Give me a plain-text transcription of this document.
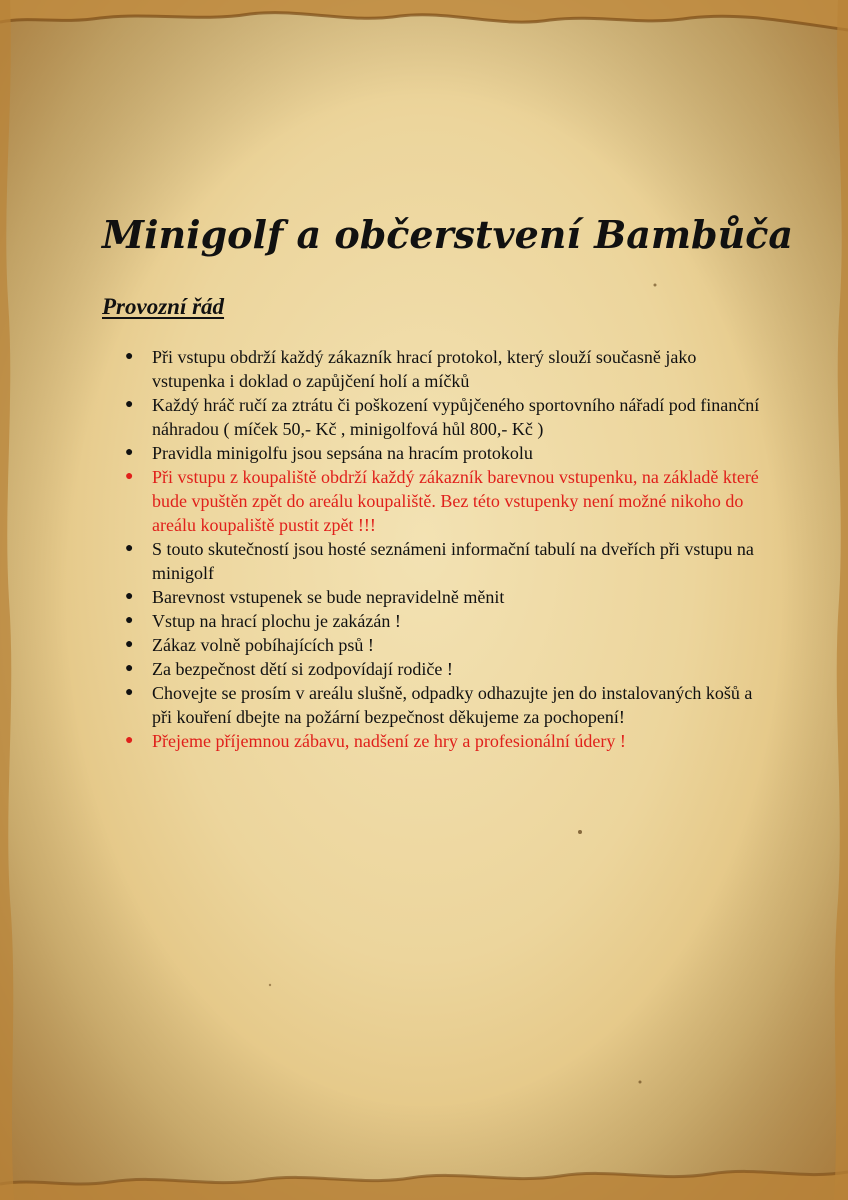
Minigolf a občerstvení Bambůča
Provozní řád
● Při vstupu obdrží každý zákazník hrací protokol, který slouží současně jako vstupenka i doklad o zapůjčení holí a míčků
● Každý hráč ručí za ztrátu či poškození vypůjčeného sportovního nářadí pod finanční náhradou ( míček 50,- Kč , minigolfová hůl 800,- Kč )
● Pravidla minigolfu jsou sepsána na hracím protokolu
● Při vstupu z koupaliště obdrží každý zákazník barevnou vstupenku, na základě které bude vpuštěn zpět do areálu koupaliště. Bez této vstupenky není možné nikoho do areálu koupaliště pustit zpět !!!
● S touto skutečností jsou hosté seznámeni informační tabulí na dveřích při vstupu na minigolf
● Barevnost vstupenek se bude nepravidelně měnit
● Vstup na hrací plochu je zakázán !
● Zákaz volně pobíhajících psů !
● Za bezpečnost dětí si zodpovídají rodiče !
● Chovejte se prosím v areálu slušně, odpadky odhazujte jen do instalovaných košů a při kouření dbejte na požární bezpečnost děkujeme za pochopení!
● Přejeme příjemnou zábavu, nadšení ze hry a profesionální údery !
